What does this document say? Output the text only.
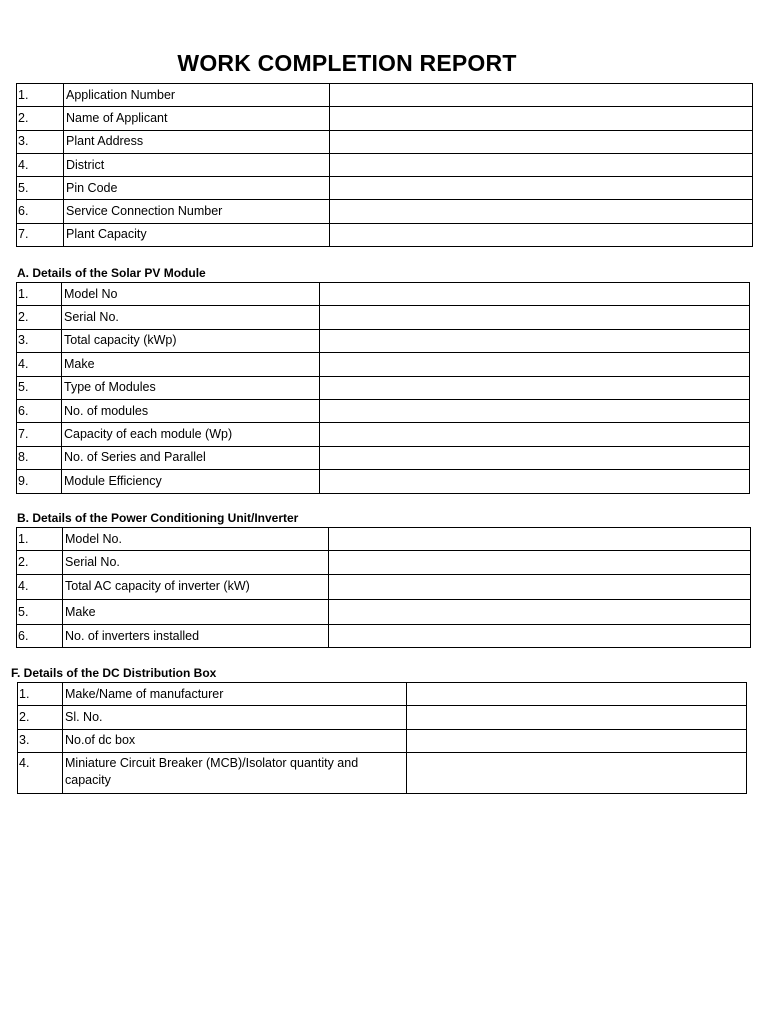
WORK COMPLETION REPORT
1.	Application Number	
2.	Name of Applicant	
3.	Plant Address	
4.	District	
5.	Pin Code	
6.	Service Connection Number	
7.	Plant Capacity	
A. Details of the Solar PV Module
1.	Model No	
2.	Serial No.	
3.	Total capacity (kWp)	
4.	Make	
5.	Type of Modules	
6.	No. of modules	
7.	Capacity of each module (Wp)	
8.	No. of Series and Parallel	
9.	Module Efficiency	
B. Details of the Power Conditioning Unit/Inverter
1.	Model No.	
2.	Serial No.	
4.	Total AC capacity of inverter (kW)	
5.	Make	
6.	No. of inverters installed	
F. Details of the DC Distribution Box
1.	Make/Name of manufacturer	
2.	Sl. No.	
3.	No.of dc box	
4.	Miniature Circuit Breaker (MCB)/Isolator quantity and capacity	
